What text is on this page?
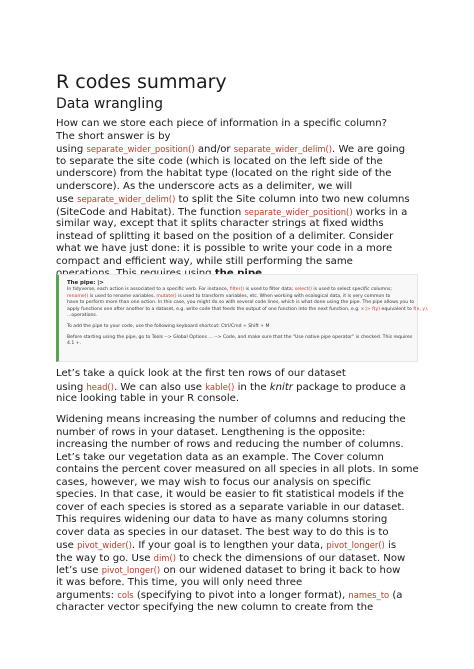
R codes summary
Data wrangling
How can we store each piece of information in a specific column?
The short answer is by
using separate_wider_position() and/or separate_wider_delim(). We are going
to separate the site code (which is located on the left side of the
underscore) from the habitat type (located on the right side of the
underscore). As the underscore acts as a delimiter, we will
use separate_wider_delim() to split the Site column into two new columns
(SiteCode and Habitat). The function separate_wider_position() works in a
similar way, except that it splits character strings at fixed widths
instead of splitting it based on the position of a delimiter. Consider
what we have just done: it is possible to write your code in a more
compact and efficient way, while still performing the same
The pipe: |>
In tidyverse, each action is associated to a specific verb. For instance, filter() is used to filter data; select() is used to select specific columns;
rename() is used to rename variables, mutate() is used to transform variables, etc. When working with ecological data, it is very common to
have to perform more than one action. In this case, you might do so with several code lines, which is what done using the pipe. The pipe allows you to
apply functions one after another to a dataset, e.g. write code that feeds the output of one function into the next function, e.g. x |> f(y) equivalent to f(x, y).
...operations.
To add the pipe to your code, use the following keyboard shortcut: Ctrl/Cmd + Shift + M
Before starting using the pipe, go to Tools --> Global Options ... --> Code, and make sure that the "Use native pipe operator" is checked. This requires
4.1 +.
Let’s take a quick look at the first ten rows of our dataset
using head(). We can also use kable() in the knitr package to produce a
nice looking table in your R console.
Widening means increasing the number of columns and reducing the
number of rows in your dataset. Lengthening is the opposite:
increasing the number of rows and reducing the number of columns.
Let’s take our vegetation data as an example. The Cover column
contains the percent cover measured on all species in all plots. In some
cases, however, we may wish to focus our analysis on specific
species. In that case, it would be easier to fit statistical models if the
cover of each species is stored as a separate variable in our dataset.
This requires widening our data to have as many columns storing
cover data as species in our dataset. The best way to do this is to
use pivot_wider(). If your goal is to lengthen your data, pivot_longer() is
the way to go. Use dim() to check the dimensions of our dataset. Now
let’s use pivot_longer() on our widened dataset to bring it back to how
it was before. This time, you will only need three
arguments: cols (specifying to pivot into a longer format), names_to (a
character vector specifying the new column to create from the
